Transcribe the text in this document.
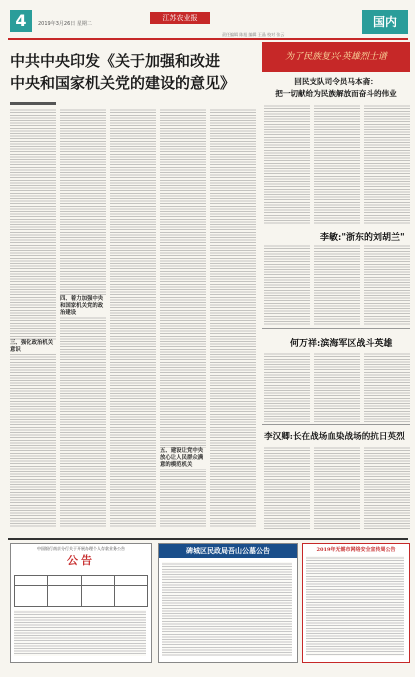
4	2019年3月26日 星期二
江苏农业报	国内
责任编辑 陈旭 编辑 王晶 校对 张云
中共中央印发《关于加强和改进
中央和国家机关党的建设的意见》
三、强化政治机关意识
四、着力加强中央和国家机关党的政治建设
五、建设让党中央放心让人民群众满意的模范机关
为了民族复兴·英雄烈士谱
回民支队司令员马本斋：
把一切献给为民族解放而奋斗的伟业
李敏:"浙东的刘胡兰"
何万祥:滨海军区战斗英雄
李汉卿:长在战场血染战场的抗日英烈
中国银行南京分行关于开展办理个人存款业务公告
公告
碑城区民政局吾山公墓公告	2019年无锡市网络安全宣传周公告
